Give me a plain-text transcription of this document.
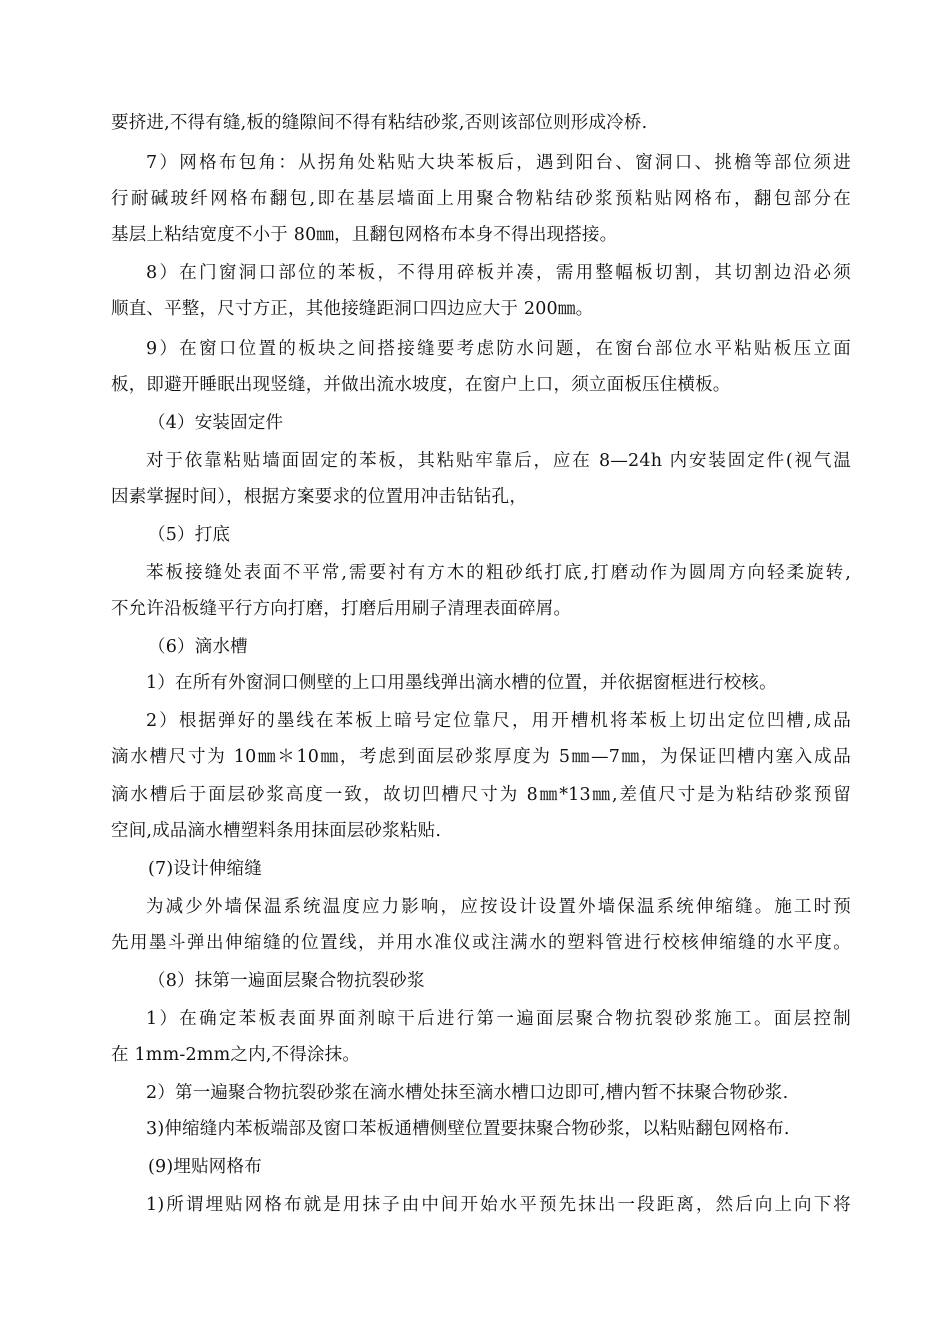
要挤进,不得有缝,板的缝隙间不得有粘结砂浆,否则该部位则形成冷桥.
7）网格布包角：从拐角处粘贴大块苯板后，遇到阳台、窗洞口、挑檐等部位须进
行耐碱玻纤网格布翻包,即在基层墙面上用聚合物粘结砂浆预粘贴网格布，翻包部分在
基层上粘结宽度不小于 80㎜，且翻包网格布本身不得出现搭接。
8）在门窗洞口部位的苯板，不得用碎板并凑，需用整幅板切割，其切割边沿必须
顺直、平整，尺寸方正，其他接缝距洞口四边应大于 200㎜。
9）在窗口位置的板块之间搭接缝要考虑防水问题，在窗台部位水平粘贴板压立面
板，即避开睡眠出现竖缝，并做出流水坡度，在窗户上口，须立面板压住横板。
（4）安装固定件
对于依靠粘贴墙面固定的苯板，其粘贴牢靠后，应在 8—24h 内安装固定件(视气温
因素掌握时间），根据方案要求的位置用冲击钻钻孔，
（5）打底
苯板接缝处表面不平常,需要衬有方木的粗砂纸打底,打磨动作为圆周方向轻柔旋转,
不允许沿板缝平行方向打磨，打磨后用刷子清理表面碎屑。
（6）滴水槽
1）在所有外窗洞口侧壁的上口用墨线弹出滴水槽的位置，并依据窗框进行校核。
2）根据弹好的墨线在苯板上暗号定位靠尺，用开槽机将苯板上切出定位凹槽,成品
滴水槽尺寸为 10㎜＊10㎜，考虑到面层砂浆厚度为 5㎜—7㎜，为保证凹槽内塞入成品
滴水槽后于面层砂浆高度一致，故切凹槽尺寸为 8㎜*13㎜,差值尺寸是为粘结砂浆预留
空间,成品滴水槽塑料条用抹面层砂浆粘贴.
(7)设计伸缩缝
为减少外墙保温系统温度应力影响，应按设计设置外墙保温系统伸缩缝。施工时预
先用墨斗弹出伸缩缝的位置线，并用水准仪或注满水的塑料管进行校核伸缩缝的水平度。
（8）抹第一遍面层聚合物抗裂砂浆
1）在确定苯板表面界面剂晾干后进行第一遍面层聚合物抗裂砂浆施工。面层控制
在 1mm-2mm之内,不得涂抹。
2）第一遍聚合物抗裂砂浆在滴水槽处抹至滴水槽口边即可,槽内暂不抹聚合物砂浆.
3)伸缩缝内苯板端部及窗口苯板通槽侧壁位置要抹聚合物砂浆，以粘贴翻包网格布.
(9)埋贴网格布
1)所谓埋贴网格布就是用抹子由中间开始水平预先抹出一段距离，然后向上向下将
